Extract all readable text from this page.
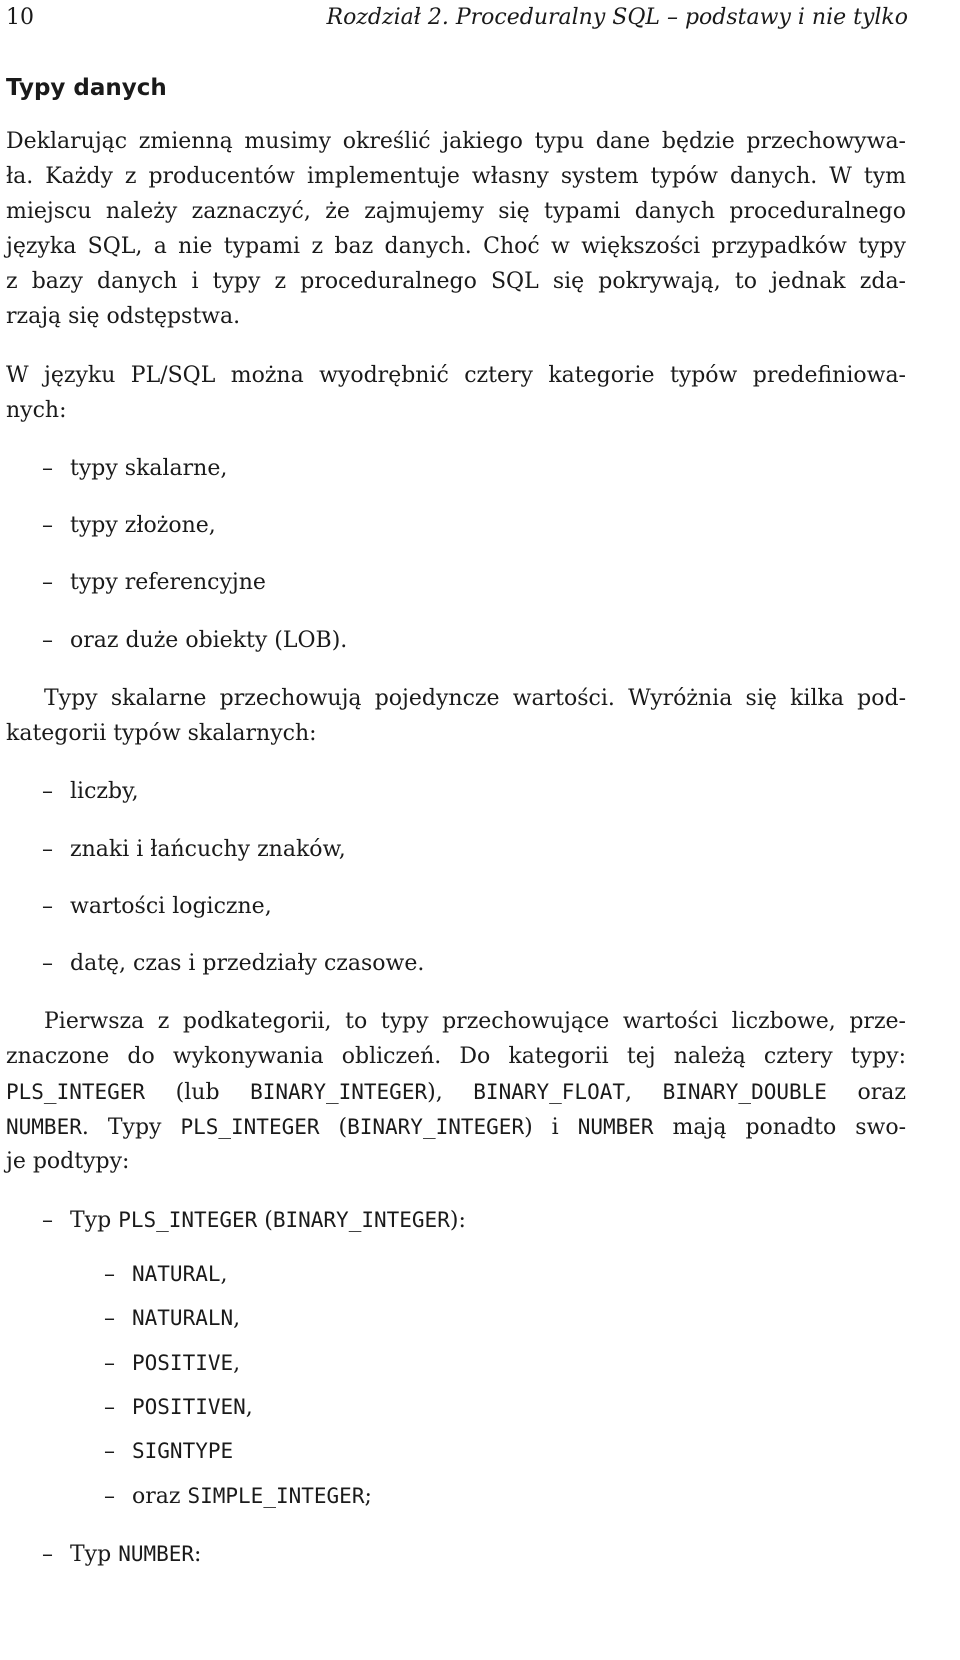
10	Rozdział 2. Proceduralny SQL – podstawy i nie tylko
Typy danych
Deklarując zmienną musimy określić jakiego typu dane będzie przechowywa-
ła. Każdy z producentów implementuje własny system typów danych. W tym
miejscu należy zaznaczyć, że zajmujemy się typami danych proceduralnego
języka SQL, a nie typami z baz danych. Choć w większości przypadków typy
z bazy danych i typy z proceduralnego SQL się pokrywają, to jednak zda-
rzają się odstępstwa.
W języku PL/SQL można wyodrębnić cztery kategorie typów predefiniowa-
nych:
– typy skalarne,
– typy złożone,
– typy referencyjne
– oraz duże obiekty (LOB).
Typy skalarne przechowują pojedyncze wartości. Wyróżnia się kilka pod-
kategorii typów skalarnych:
– liczby,
– znaki i łańcuchy znaków,
– wartości logiczne,
– datę, czas i przedziały czasowe.
Pierwsza z podkategorii, to typy przechowujące wartości liczbowe, prze-
znaczone do wykonywania obliczeń. Do kategorii tej należą cztery typy:
PLS_INTEGER (lub BINARY_INTEGER), BINARY_FLOAT, BINARY_DOUBLE oraz
NUMBER. Typy PLS_INTEGER (BINARY_INTEGER) i NUMBER mają ponadto swo-
je podtypy:
– Typ PLS_INTEGER (BINARY_INTEGER):
– NATURAL,
– NATURALN,
– POSITIVE,
– POSITIVEN,
– SIGNTYPE
– oraz SIMPLE_INTEGER;
– Typ NUMBER:
